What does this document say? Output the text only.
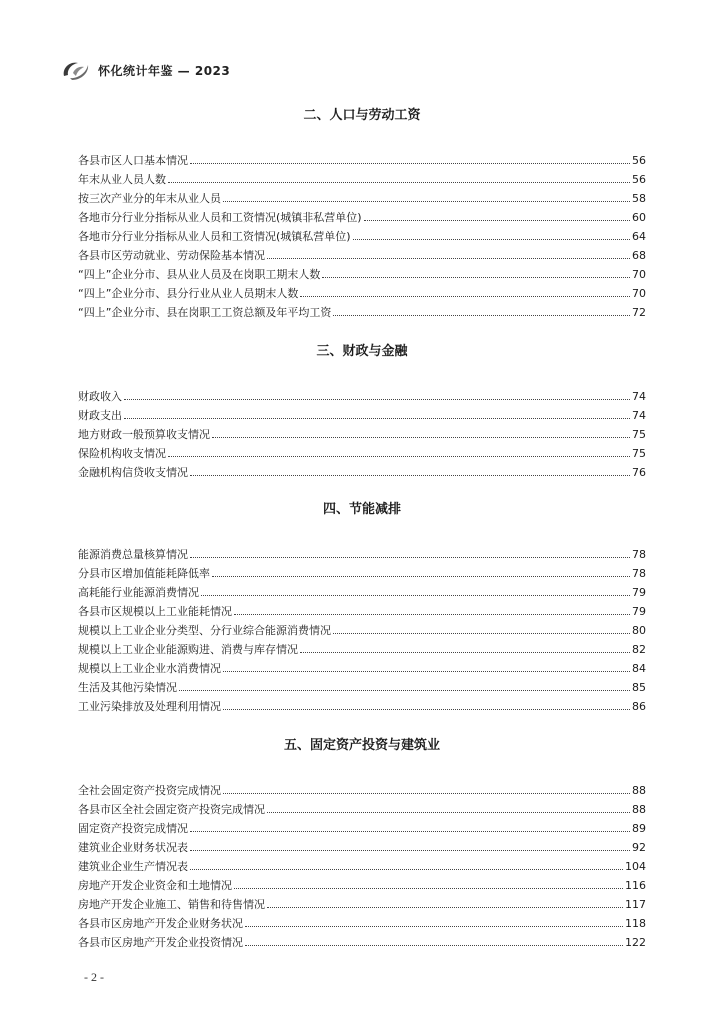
怀化统计年鉴 — 2023
二、人口与劳动工资
各县市区人口基本情况	56
年末从业人员人数	56
按三次产业分的年末从业人员	58
各地市分行业分指标从业人员和工资情况(城镇非私营单位)	60
各地市分行业分指标从业人员和工资情况(城镇私营单位)	64
各县市区劳动就业、劳动保险基本情况	68
“四上”企业分市、县从业人员及在岗职工期末人数	70
“四上”企业分市、县分行业从业人员期末人数	70
“四上”企业分市、县在岗职工工资总额及年平均工资	72
三、财政与金融
财政收入	74
财政支出	74
地方财政一般预算收支情况	75
保险机构收支情况	75
金融机构信贷收支情况	76
四、节能减排
能源消费总量核算情况	78
分县市区增加值能耗降低率	78
高耗能行业能源消费情况	79
各县市区规模以上工业能耗情况	79
规模以上工业企业分类型、分行业综合能源消费情况	80
规模以上工业企业能源购进、消费与库存情况	82
规模以上工业企业水消费情况	84
生活及其他污染情况	85
工业污染排放及处理利用情况	86
五、固定资产投资与建筑业
全社会固定资产投资完成情况	88
各县市区全社会固定资产投资完成情况	88
固定资产投资完成情况	89
建筑业企业财务状况表	92
建筑业企业生产情况表	104
房地产开发企业资金和土地情况	116
房地产开发企业施工、销售和待售情况	117
各县市区房地产开发企业财务状况	118
各县市区房地产开发企业投资情况	122
- 2 -
